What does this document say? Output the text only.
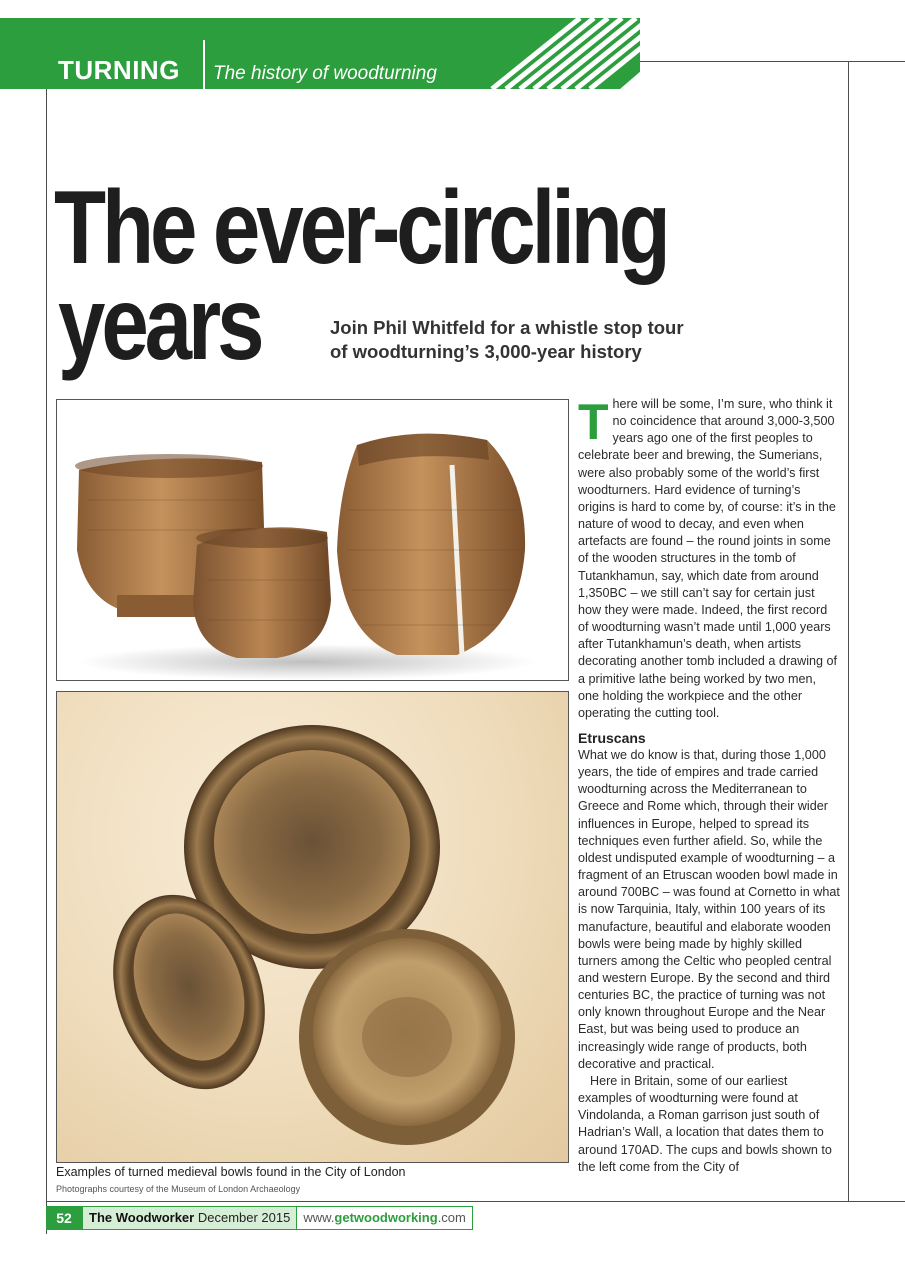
TURNING The history of woodturning
The ever-circling
years	Join Phil Whitfeld for a whistle stop tour
of woodturning’s 3,000-year history
Examples of turned medieval bowls found in the City of London
Photographs courtesy of the Museum of London Archaeology

There will be some, I’m sure, who think it no coincidence that around 3,000-3,500 years ago one of the first peoples to celebrate beer and brewing, the Sumerians, were also probably some of the world’s first woodturners. Hard evidence of turning’s origins is hard to come by, of course: it’s in the nature of wood to decay, and even when artefacts are found – the round joints in some of the wooden structures in the tomb of Tutankhamun, say, which date from around 1,350BC – we still can’t say for certain just how they were made. Indeed, the first record of woodturning wasn’t made until 1,000 years after Tutankhamun’s death, when artists decorating another tomb included a drawing of a primitive lathe being worked by two men, one holding the workpiece and the other operating the cutting tool.

Etruscans

What we do know is that, during those 1,000 years, the tide of empires and trade carried woodturning across the Mediterranean to Greece and Rome which, through their wider influences in Europe, helped to spread its techniques even further afield. So, while the oldest undisputed example of woodturning – a fragment of an Etruscan wooden bowl made in around 700BC – was found at Cornetto in what is now Tarquinia, Italy, within 100 years of its manufacture, beautiful and elaborate wooden bowls were being made by highly skilled turners among the Celtic who peopled central and western Europe. By the second and third centuries BC, the practice of turning was not only known throughout Europe and the Near East, but was being used to produce an increasingly wide range of products, both decorative and practical.

Here in Britain, some of our earliest examples of woodturning were found at Vindolanda, a Roman garrison just south of Hadrian’s Wall, a location that dates them to around 170AD. The cups and bowls shown to the left come from the City of

52	The Woodworker December 2015	www.getwoodworking.com
